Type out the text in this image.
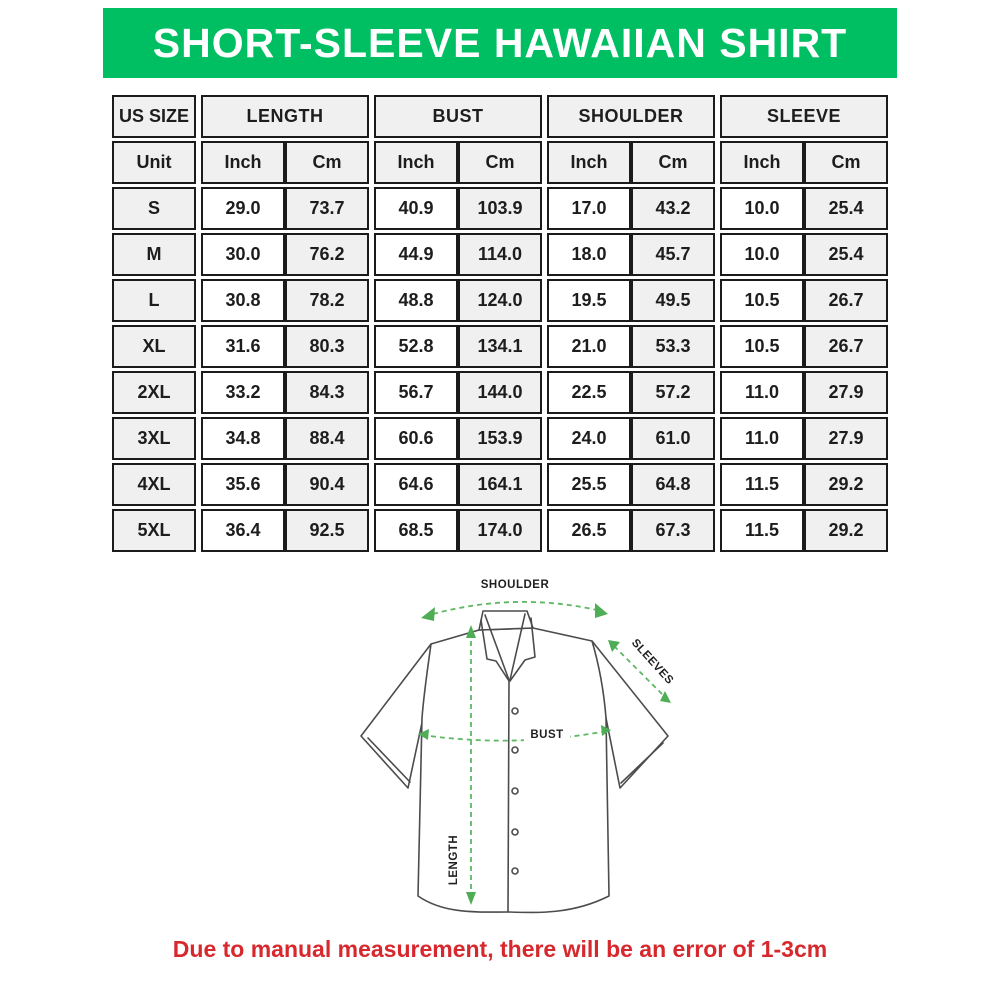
SHORT-SLEEVE HAWAIIAN SHIRT
US SIZE	LENGTH	BUST	SHOULDER	SLEEVE
Unit	Inch	Cm	Inch	Cm	Inch	Cm	Inch	Cm
S	29.0	73.7	40.9	103.9	17.0	43.2	10.0	25.4
M	30.0	76.2	44.9	114.0	18.0	45.7	10.0	25.4
L	30.8	78.2	48.8	124.0	19.5	49.5	10.5	26.7
XL	31.6	80.3	52.8	134.1	21.0	53.3	10.5	26.7
2XL	33.2	84.3	56.7	144.0	22.5	57.2	11.0	27.9
3XL	34.8	88.4	60.6	153.9	24.0	61.0	11.0	27.9
4XL	35.6	90.4	64.6	164.1	25.5	64.8	11.5	29.2
5XL	36.4	92.5	68.5	174.0	26.5	67.3	11.5	29.2
SHOULDER
SLEEVES
BUST
LENGTH

Due to manual measurement, there will be an error of 1-3cm
